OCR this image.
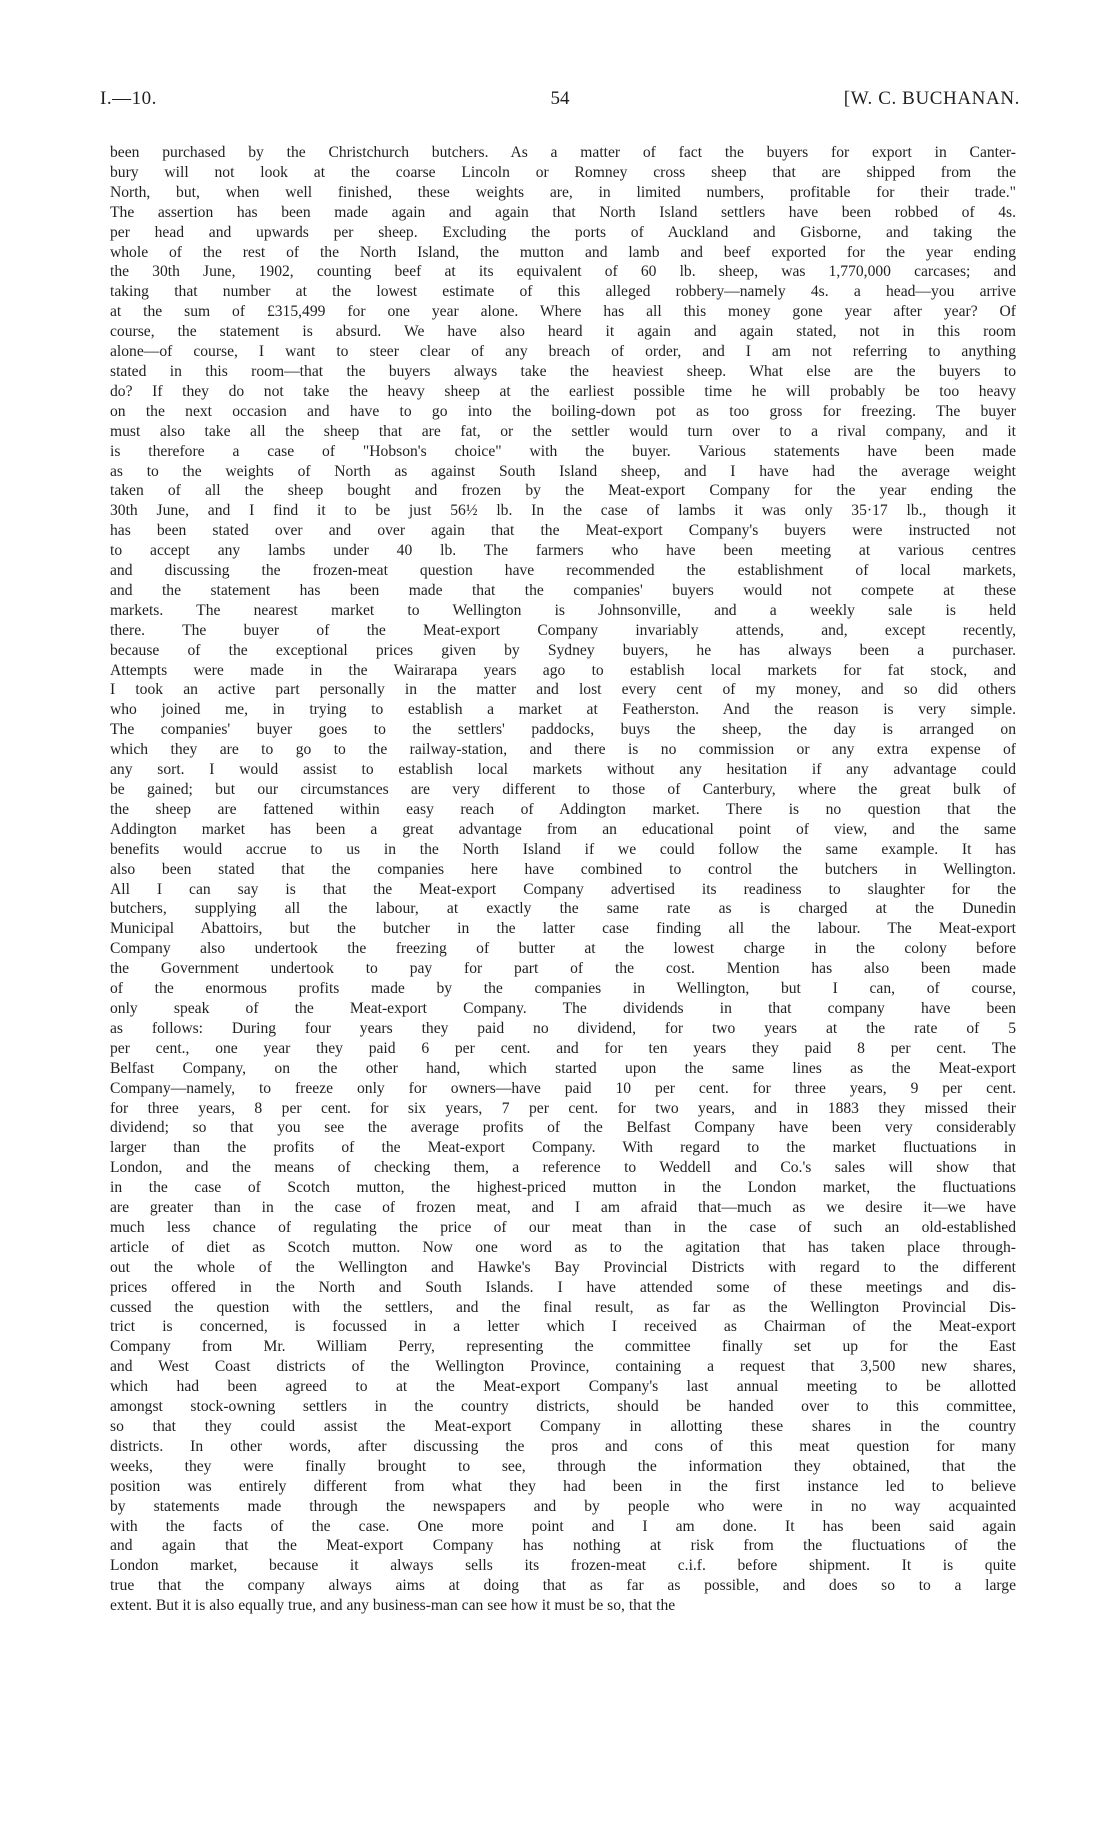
I.—10.	54	[W. C. BUCHANAN.
been purchased by the Christchurch butchers. As a matter of fact the buyers for export in Canter-
bury will not look at the coarse Lincoln or Romney cross sheep that are shipped from the
North, but, when well finished, these weights are, in limited numbers, profitable for their trade."
The assertion has been made again and again that North Island settlers have been robbed of 4s.
per head and upwards per sheep. Excluding the ports of Auckland and Gisborne, and taking the
whole of the rest of the North Island, the mutton and lamb and beef exported for the year ending
the 30th June, 1902, counting beef at its equivalent of 60 lb. sheep, was 1,770,000 carcases; and
taking that number at the lowest estimate of this alleged robbery—namely 4s. a head—you arrive
at the sum of £315,499 for one year alone. Where has all this money gone year after year? Of
course, the statement is absurd. We have also heard it again and again stated, not in this room
alone—of course, I want to steer clear of any breach of order, and I am not referring to anything
stated in this room—that the buyers always take the heaviest sheep. What else are the buyers to
do? If they do not take the heavy sheep at the earliest possible time he will probably be too heavy
on the next occasion and have to go into the boiling-down pot as too gross for freezing. The buyer
must also take all the sheep that are fat, or the settler would turn over to a rival company, and it
is therefore a case of "Hobson's choice" with the buyer. Various statements have been made
as to the weights of North as against South Island sheep, and I have had the average weight
taken of all the sheep bought and frozen by the Meat-export Company for the year ending the
30th June, and I find it to be just 56½ lb. In the case of lambs it was only 35·17 lb., though it
has been stated over and over again that the Meat-export Company's buyers were instructed not
to accept any lambs under 40 lb. The farmers who have been meeting at various centres
and discussing the frozen-meat question have recommended the establishment of local markets,
and the statement has been made that the companies' buyers would not compete at these
markets. The nearest market to Wellington is Johnsonville, and a weekly sale is held
there. The buyer of the Meat-export Company invariably attends, and, except recently,
because of the exceptional prices given by Sydney buyers, he has always been a purchaser.
Attempts were made in the Wairarapa years ago to establish local markets for fat stock, and
I took an active part personally in the matter and lost every cent of my money, and so did others
who joined me, in trying to establish a market at Featherston. And the reason is very simple.
The companies' buyer goes to the settlers' paddocks, buys the sheep, the day is arranged on
which they are to go to the railway-station, and there is no commission or any extra expense of
any sort. I would assist to establish local markets without any hesitation if any advantage could
be gained; but our circumstances are very different to those of Canterbury, where the great bulk of
the sheep are fattened within easy reach of Addington market. There is no question that the
Addington market has been a great advantage from an educational point of view, and the same
benefits would accrue to us in the North Island if we could follow the same example. It has
also been stated that the companies here have combined to control the butchers in Wellington.
All I can say is that the Meat-export Company advertised its readiness to slaughter for the
butchers, supplying all the labour, at exactly the same rate as is charged at the Dunedin
Municipal Abattoirs, but the butcher in the latter case finding all the labour. The Meat-export
Company also undertook the freezing of butter at the lowest charge in the colony before
the Government undertook to pay for part of the cost. Mention has also been made
of the enormous profits made by the companies in Wellington, but I can, of course,
only speak of the Meat-export Company. The dividends in that company have been
as follows: During four years they paid no dividend, for two years at the rate of 5
per cent., one year they paid 6 per cent. and for ten years they paid 8 per cent. The
Belfast Company, on the other hand, which started upon the same lines as the Meat-export
Company—namely, to freeze only for owners—have paid 10 per cent. for three years, 9 per cent.
for three years, 8 per cent. for six years, 7 per cent. for two years, and in 1883 they missed their
dividend; so that you see the average profits of the Belfast Company have been very considerably
larger than the profits of the Meat-export Company. With regard to the market fluctuations in
London, and the means of checking them, a reference to Weddell and Co.'s sales will show that
in the case of Scotch mutton, the highest-priced mutton in the London market, the fluctuations
are greater than in the case of frozen meat, and I am afraid that—much as we desire it—we have
much less chance of regulating the price of our meat than in the case of such an old-established
article of diet as Scotch mutton. Now one word as to the agitation that has taken place through-
out the whole of the Wellington and Hawke's Bay Provincial Districts with regard to the different
prices offered in the North and South Islands. I have attended some of these meetings and dis-
cussed the question with the settlers, and the final result, as far as the Wellington Provincial Dis-
trict is concerned, is focussed in a letter which I received as Chairman of the Meat-export
Company from Mr. William Perry, representing the committee finally set up for the East
and West Coast districts of the Wellington Province, containing a request that 3,500 new shares,
which had been agreed to at the Meat-export Company's last annual meeting to be allotted
amongst stock-owning settlers in the country districts, should be handed over to this committee,
so that they could assist the Meat-export Company in allotting these shares in the country
districts. In other words, after discussing the pros and cons of this meat question for many
weeks, they were finally brought to see, through the information they obtained, that the
position was entirely different from what they had been in the first instance led to believe
by statements made through the newspapers and by people who were in no way acquainted
with the facts of the case. One more point and I am done. It has been said again
and again that the Meat-export Company has nothing at risk from the fluctuations of the
London market, because it always sells its frozen-meat c.i.f. before shipment. It is quite
true that the company always aims at doing that as far as possible, and does so to a large
extent. But it is also equally true, and any business-man can see how it must be so, that the
